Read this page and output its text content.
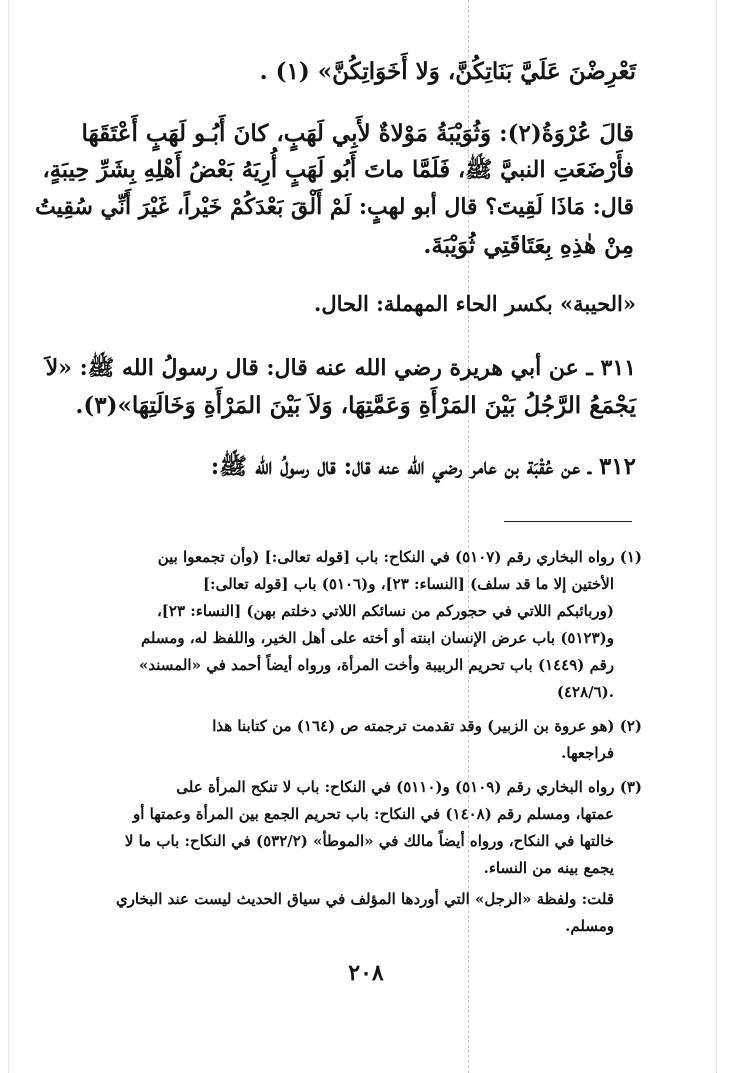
تَعْرِضْنَ عَلَيَّ بَنَاتِكُنَّ، وَلا أَخَوَاتِكُنَّ» (١) .
قالَ عُرْوَةُ(٢): وَثُوَيْبَةُ مَوْلاةٌ لأَبِي لَهَبٍ، كانَ أَبُـو لَهَبٍ أَعْتَقَهَا
فأَرْضَعَتِ النبيَّ ﷺ، فَلَمَّا ماتَ أَبُو لَهَبٍ أُرِيَهُ بَعْضُ أَهْلِهِ بِشَرِّ حِيبَةٍ،
قال: مَاذَا لَقِيتَ؟ قال أبو لهبٍ: لَمْ أَلْقَ بَعْدَكُمْ خَيْراً، غَيْرَ أَنِّي سُقِيتُ
مِنْ هٰذِهِ بِعَتَاقَتِي ثُوَيْبَةَ.
«الحيبة» بكسر الحاء المهملة: الحال.
٣١١ ـ عن أبي هريرة رضي الله عنه قال: قال رسولُ الله ﷺ: «لاَ
يَجْمَعُ الرَّجُلُ بَيْنَ المَرْأَةِ وَعَمَّتِهَا، وَلاَ بَيْنَ المَرْأَةِ وَخَالَتِهَا»(٣).
٣١٢ ـ عن عُقْبَة بن عامر رضي الله عنه قال: قال رسولُ الله ﷺ:
(١) رواه البخاري رقم (٥١٠٧) في النكاح: باب [قوله تعالى:] (وأن تجمعوا بين
الأختين إلا ما قد سلف) [النساء: ٢٣]، و(٥١٠٦) باب [قوله تعالى:]
(وربائبكم اللاتي في حجوركم من نسائكم اللاتي دخلتم بهن) [النساء: ٢٣]،
و(٥١٢٣) باب عرض الإنسان ابنته أو أخته على أهل الخير، واللفظ له، ومسلم
رقم (١٤٤٩) باب تحريم الربيبة وأخت المرأة، ورواه أيضاً أحمد في «المسند»
(٤٢٨/٦).
(٢) (هو عروة بن الزبير) وقد تقدمت ترجمته ص (١٦٤) من كتابنا هذا
فراجعها.
(٣) رواه البخاري رقم (٥١٠٩) و(٥١١٠) في النكاح: باب لا تنكح المرأة على
عمتها، ومسلم رقم (١٤٠٨) في النكاح: باب تحريم الجمع بين المرأة وعمتها أو
خالتها في النكاح، ورواه أيضاً مالك في «الموطأ» (٥٣٢/٢) في النكاح: باب ما لا
يجمع بينه من النساء.
قلت: ولفظة «الرجل» التي أوردها المؤلف في سياق الحديث ليست عند البخاري
ومسلم.
٢٠٨
